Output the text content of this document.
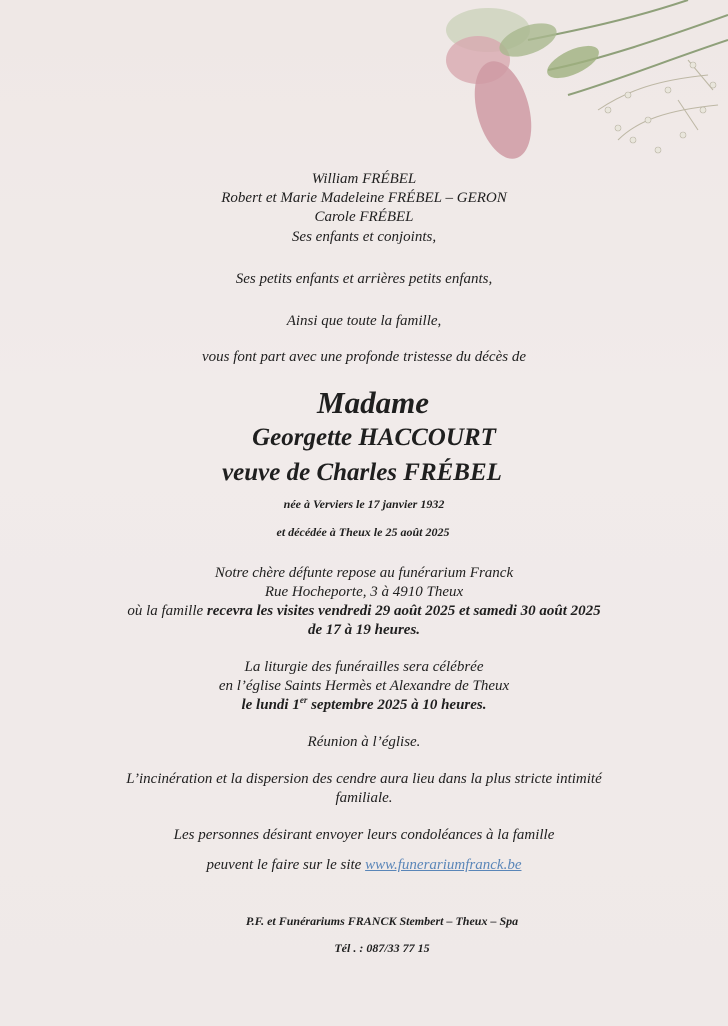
William FRÉBEL
Robert et Marie Madeleine FRÉBEL – GERON
Carole FRÉBEL
Ses enfants et conjoints,
Ses petits enfants et arrières petits enfants,
Ainsi que toute la famille,
vous font part avec une profonde tristesse du décès de
Madame
Georgette HACCOURT
veuve de Charles FRÉBEL
née à Verviers le 17 janvier 1932
et décédée à Theux le 25 août 2025
Notre chère défunte repose au funérarium Franck
Rue Hocheporte, 3 à 4910 Theux
où la famille recevra les visites vendredi 29 août 2025 et samedi 30 août 2025
de 17 à 19 heures.
La liturgie des funérailles sera célébrée
en l’église Saints Hermès et Alexandre de Theux
le lundi 1er septembre 2025 à 10 heures.
Réunion à l’église.
L’incinération et la dispersion des cendre aura lieu dans la plus stricte intimité
familiale.
Les personnes désirant envoyer leurs condoléances à la famille
peuvent le faire sur le site www.funerariumfranck.be
P.F. et Funérariums FRANCK Stembert – Theux – Spa
Tél . : 087/33 77 15
